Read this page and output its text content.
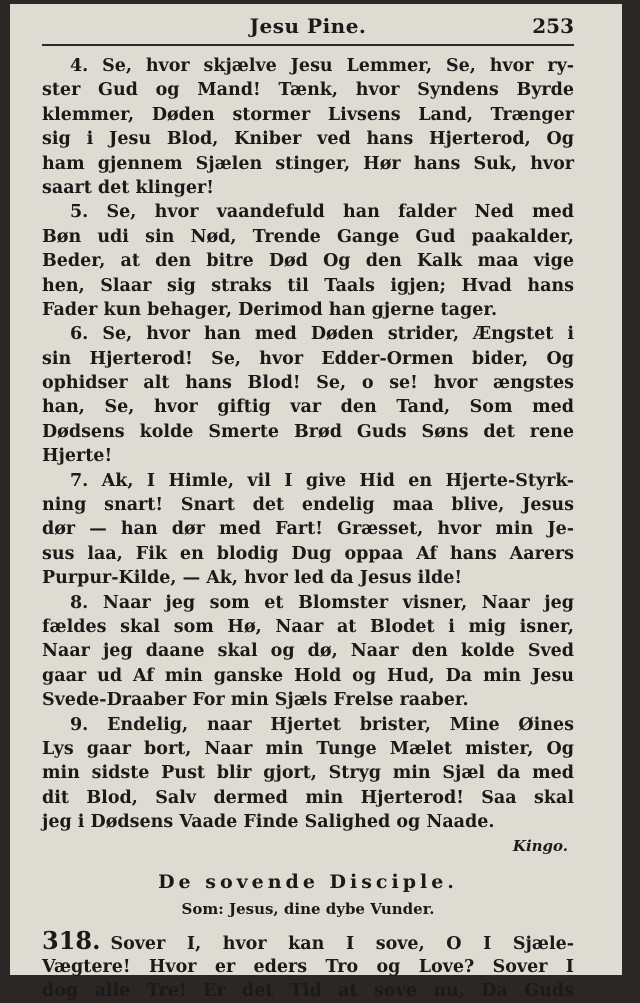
Jesu Pine.	253
4. Se, hvor skjælve Jesu Lemmer, Se, hvor ry-
ster Gud og Mand! Tænk, hvor Syndens Byrde
klemmer, Døden stormer Livsens Land, Trænger
sig i Jesu Blod, Kniber ved hans Hjerterod, Og
ham gjennem Sjælen stinger, Hør hans Suk, hvor
saart det klinger!
5. Se, hvor vaandefuld han falder Ned med
Bøn udi sin Nød, Trende Gange Gud paakalder,
Beder, at den bitre Død Og den Kalk maa vige
hen, Slaar sig straks til Taals igjen; Hvad hans
Fader kun behager, Derimod han gjerne tager.
6. Se, hvor han med Døden strider, Ængstet i
sin Hjerterod! Se, hvor Edder-Ormen bider, Og
ophidser alt hans Blod! Se, o se! hvor ængstes
han, Se, hvor giftig var den Tand, Som med
Dødsens kolde Smerte Brød Guds Søns det rene
Hjerte!
7. Ak, I Himle, vil I give Hid en Hjerte-Styrk-
ning snart! Snart det endelig maa blive, Jesus
dør — han dør med Fart! Græsset, hvor min Je-
sus laa, Fik en blodig Dug oppaa Af hans Aarers
Purpur-Kilde, — Ak, hvor led da Jesus ilde!
8. Naar jeg som et Blomster visner, Naar jeg
fældes skal som Hø, Naar at Blodet i mig isner,
Naar jeg daane skal og dø, Naar den kolde Sved
gaar ud Af min ganske Hold og Hud, Da min Jesu
Svede-Draaber For min Sjæls Frelse raaber.
9. Endelig, naar Hjertet brister, Mine Øines
Lys gaar bort, Naar min Tunge Mælet mister, Og
min sidste Pust blir gjort, Stryg min Sjæl da med
dit Blod, Salv dermed min Hjerterod! Saa skal
jeg i Dødsens Vaade Finde Salighed og Naade.
Kingo.
De sovende Disciple.
Som: Jesus, dine dybe Vunder.
318. Sover I, hvor kan I sove, O I Sjæle-
Vægtere! Hvor er eders Tro og Love? Sover I
dog alle Tre! Er det Tid at sove nu, Da Guds
